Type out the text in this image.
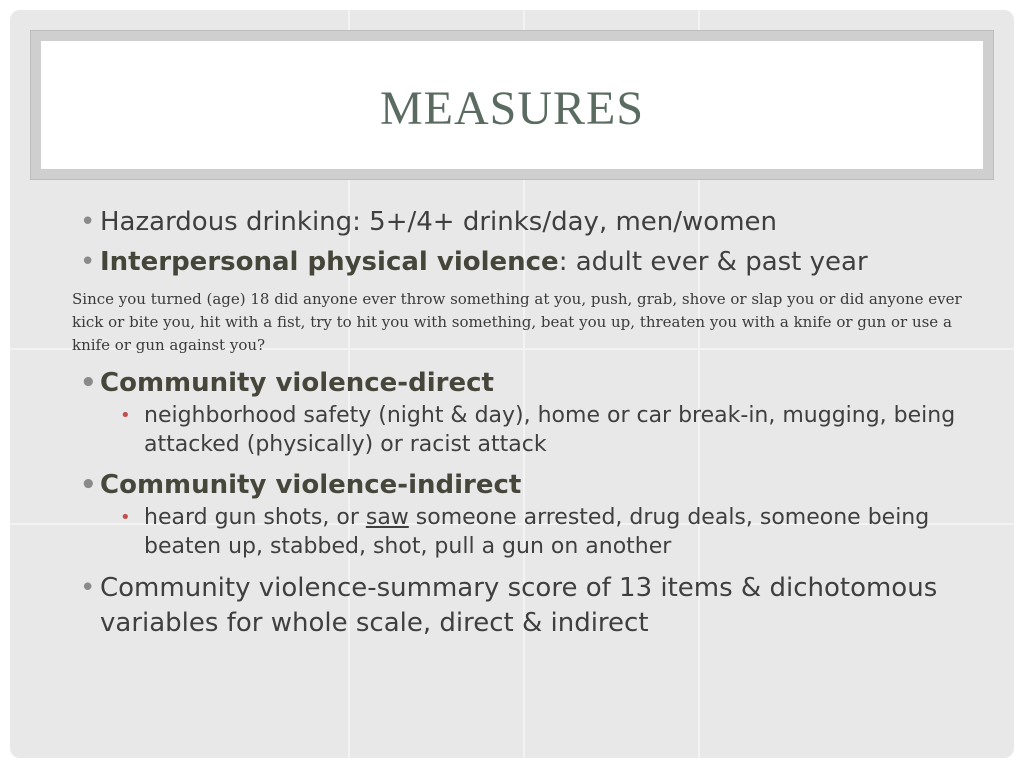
MEASURES
• Hazardous drinking: 5+/4+ drinks/day, men/women
• Interpersonal physical violence: adult ever & past year
Since you turned (age) 18 did anyone ever throw something at you, push, grab, shove or slap you or did anyone ever kick or bite you, hit with a fist, try to hit you with something, beat you up, threaten you with a knife or gun or use a knife or gun against you?
• Community violence-direct
• neighborhood safety (night & day), home or car break-in, mugging, being attacked (physically) or racist attack
• Community violence-indirect
• heard gun shots, or saw someone arrested, drug deals, someone being beaten up, stabbed, shot, pull a gun on another
• Community violence-summary score of 13 items & dichotomous variables for whole scale, direct & indirect
